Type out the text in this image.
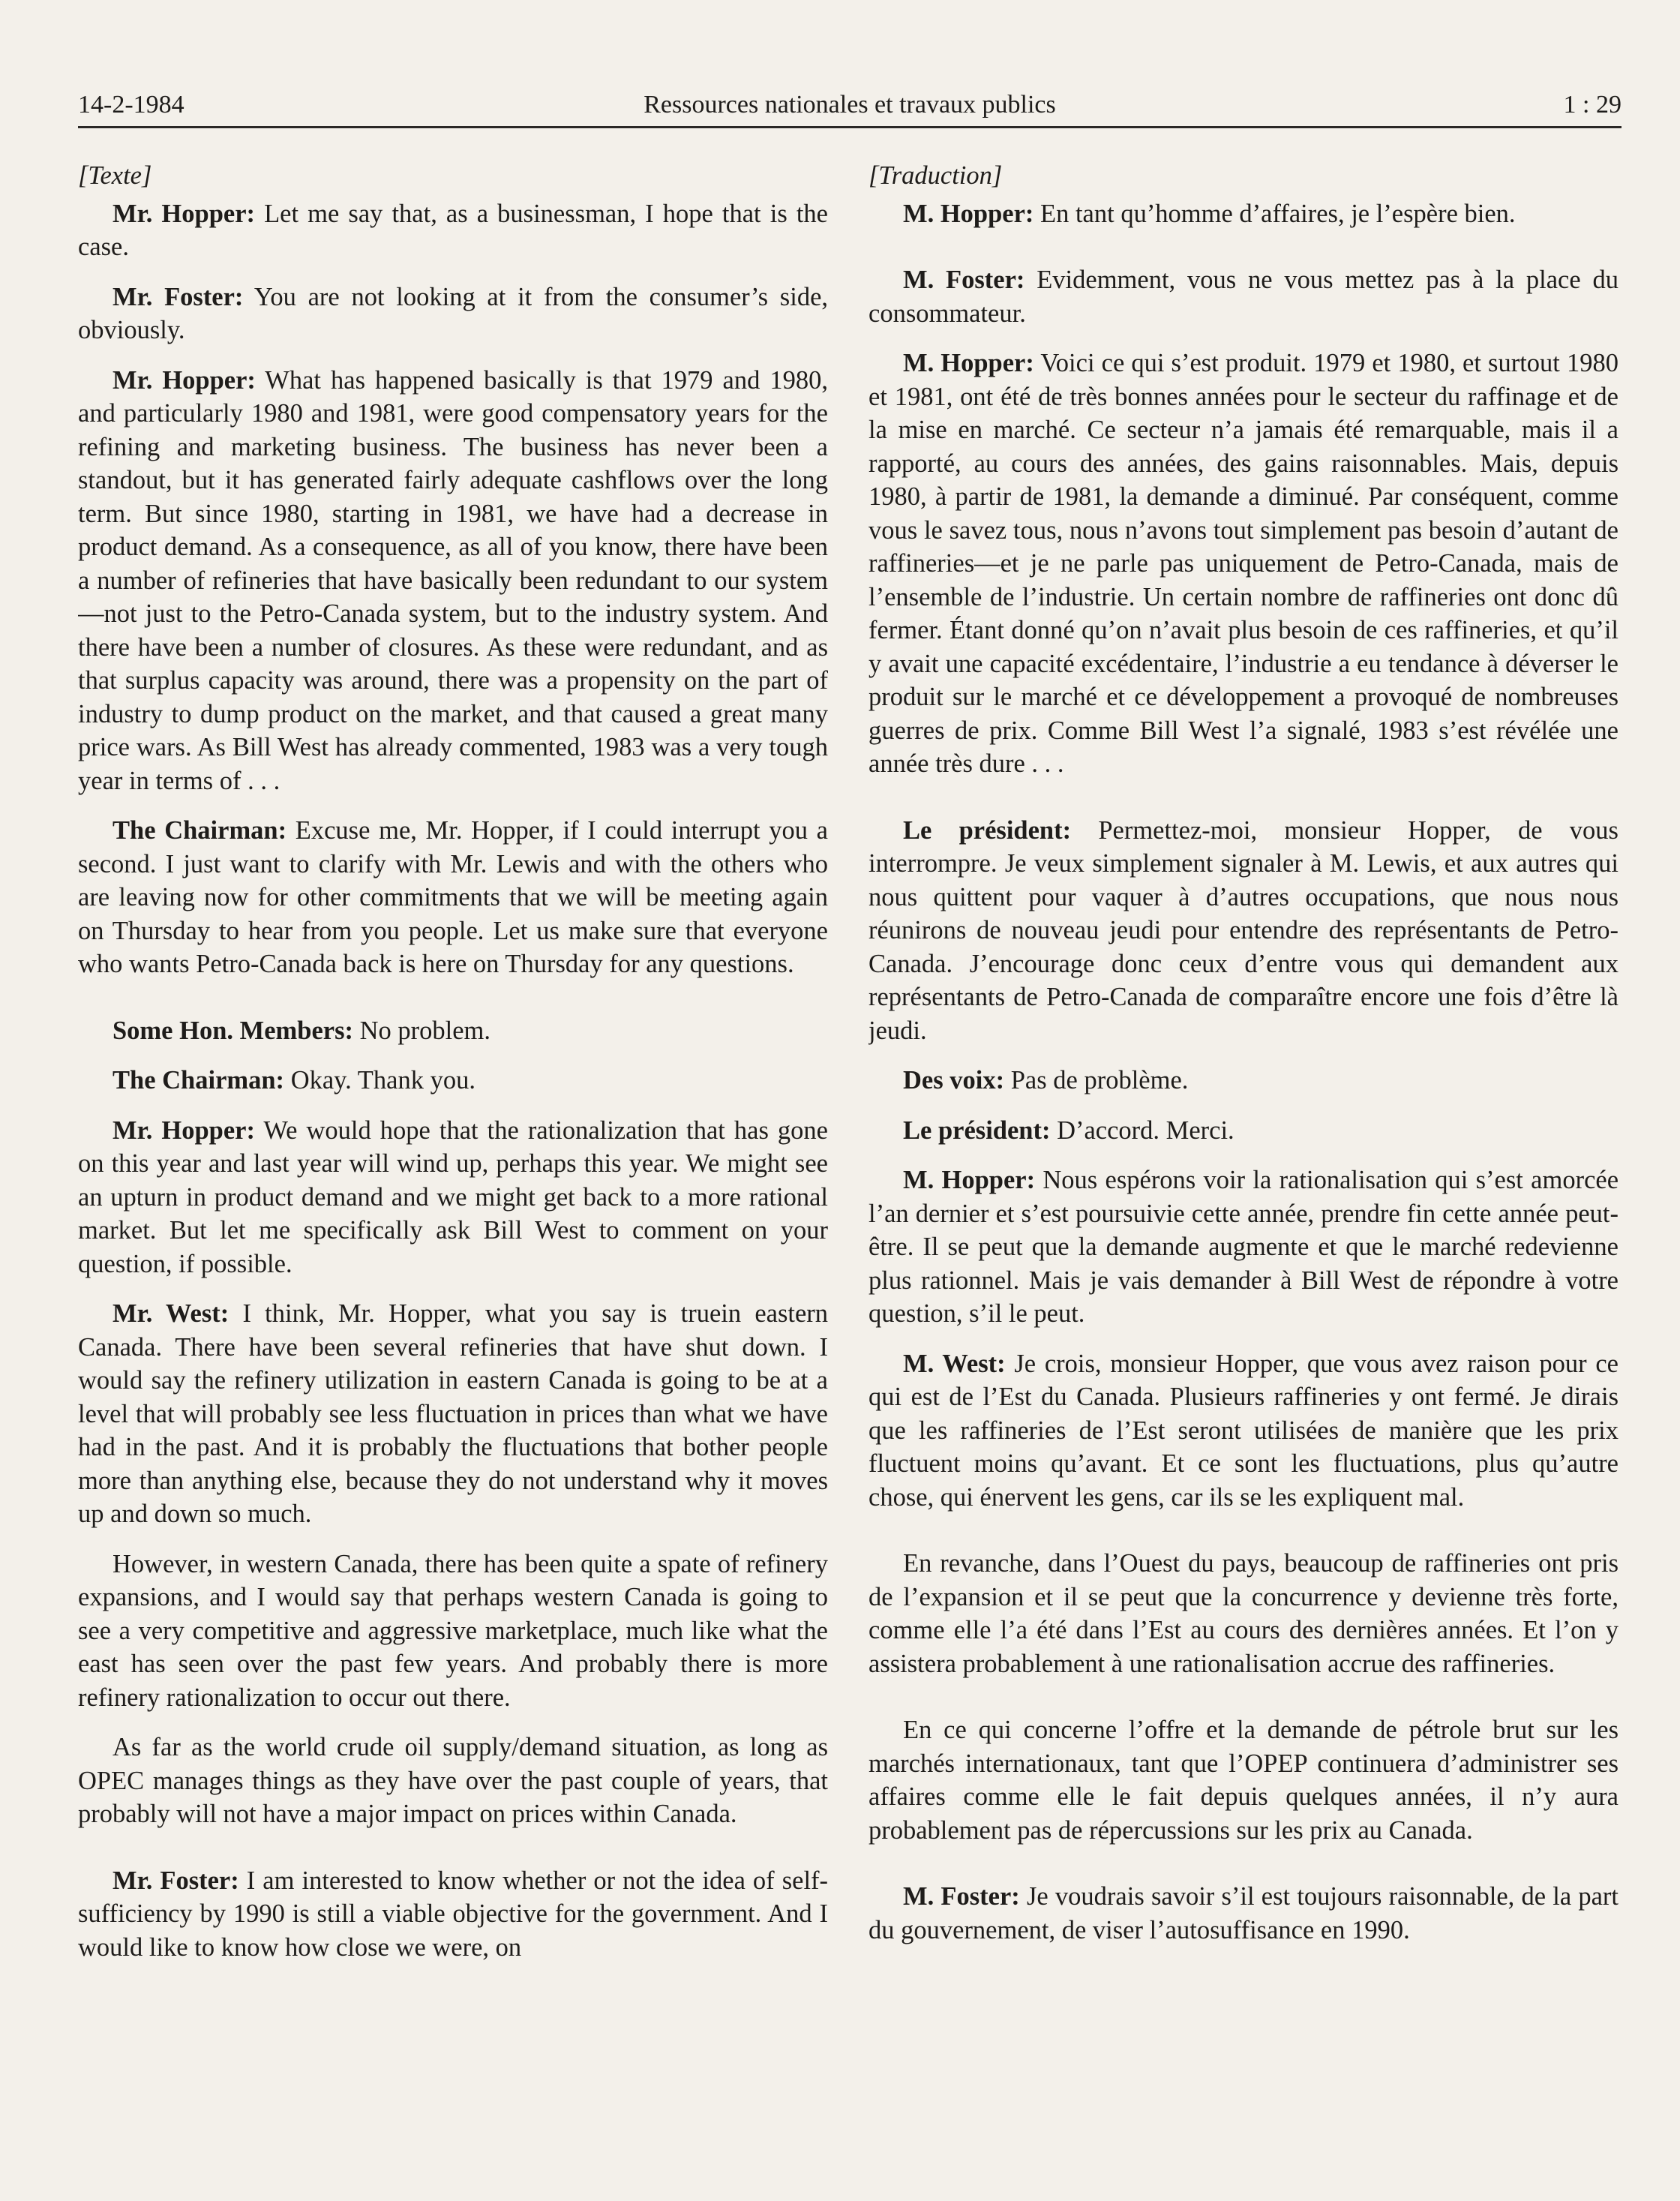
14-2-1984	Ressources nationales et travaux publics	1 : 29

[Texte]

Mr. Hopper: Let me say that, as a businessman, I hope that is the case.

Mr. Foster: You are not looking at it from the consumer’s side, obviously.

Mr. Hopper: What has happened basically is that 1979 and 1980, and particularly 1980 and 1981, were good compensatory years for the refining and marketing business. The business has never been a standout, but it has generated fairly adequate cashflows over the long term. But since 1980, starting in 1981, we have had a decrease in product demand. As a consequence, as all of you know, there have been a number of refineries that have basically been redundant to our system—not just to the Petro-Canada system, but to the industry system. And there have been a number of closures. As these were redundant, and as that surplus capacity was around, there was a propensity on the part of industry to dump product on the market, and that caused a great many price wars. As Bill West has already commented, 1983 was a very tough year in terms of . . .

The Chairman: Excuse me, Mr. Hopper, if I could interrupt you a second. I just want to clarify with Mr. Lewis and with the others who are leaving now for other commitments that we will be meeting again on Thursday to hear from you people. Let us make sure that everyone who wants Petro-Canada back is here on Thursday for any questions.

Some Hon. Members: No problem.

The Chairman: Okay. Thank you.

Mr. Hopper: We would hope that the rationalization that has gone on this year and last year will wind up, perhaps this year. We might see an upturn in product demand and we might get back to a more rational market. But let me specifically ask Bill West to comment on your question, if possible.

Mr. West: I think, Mr. Hopper, what you say is truein eastern Canada. There have been several refineries that have shut down. I would say the refinery utilization in eastern Canada is going to be at a level that will probably see less fluctuation in prices than what we have had in the past. And it is probably the fluctuations that bother people more than anything else, because they do not understand why it moves up and down so much.

However, in western Canada, there has been quite a spate of refinery expansions, and I would say that perhaps western Canada is going to see a very competitive and aggressive marketplace, much like what the east has seen over the past few years. And probably there is more refinery rationalization to occur out there.

As far as the world crude oil supply/demand situation, as long as OPEC manages things as they have over the past couple of years, that probably will not have a major impact on prices within Canada.

Mr. Foster: I am interested to know whether or not the idea of self-sufficiency by 1990 is still a viable objective for the government. And I would like to know how close we were, on

[Traduction]

M. Hopper: En tant qu’homme d’affaires, je l’espère bien.

M. Foster: Evidemment, vous ne vous mettez pas à la place du consommateur.

M. Hopper: Voici ce qui s’est produit. 1979 et 1980, et surtout 1980 et 1981, ont été de très bonnes années pour le secteur du raffinage et de la mise en marché. Ce secteur n’a jamais été remarquable, mais il a rapporté, au cours des années, des gains raisonnables. Mais, depuis 1980, à partir de 1981, la demande a diminué. Par conséquent, comme vous le savez tous, nous n’avons tout simplement pas besoin d’autant de raffineries—et je ne parle pas uniquement de Petro-Canada, mais de l’ensemble de l’industrie. Un certain nombre de raffineries ont donc dû fermer. Étant donné qu’on n’avait plus besoin de ces raffineries, et qu’il y avait une capacité excédentaire, l’industrie a eu tendance à déverser le produit sur le marché et ce développement a provoqué de nombreuses guerres de prix. Comme Bill West l’a signalé, 1983 s’est révélée une année très dure . . .

Le président: Permettez-moi, monsieur Hopper, de vous interrompre. Je veux simplement signaler à M. Lewis, et aux autres qui nous quittent pour vaquer à d’autres occupations, que nous nous réunirons de nouveau jeudi pour entendre des représentants de Petro-Canada. J’encourage donc ceux d’entre vous qui demandent aux représentants de Petro-Canada de comparaître encore une fois d’être là jeudi.

Des voix: Pas de problème.

Le président: D’accord. Merci.

M. Hopper: Nous espérons voir la rationalisation qui s’est amorcée l’an dernier et s’est poursuivie cette année, prendre fin cette année peut-être. Il se peut que la demande augmente et que le marché redevienne plus rationnel. Mais je vais demander à Bill West de répondre à votre question, s’il le peut.

M. West: Je crois, monsieur Hopper, que vous avez raison pour ce qui est de l’Est du Canada. Plusieurs raffineries y ont fermé. Je dirais que les raffineries de l’Est seront utilisées de manière que les prix fluctuent moins qu’avant. Et ce sont les fluctuations, plus qu’autre chose, qui énervent les gens, car ils se les expliquent mal.

En revanche, dans l’Ouest du pays, beaucoup de raffineries ont pris de l’expansion et il se peut que la concurrence y devienne très forte, comme elle l’a été dans l’Est au cours des dernières années. Et l’on y assistera probablement à une rationalisation accrue des raffineries.

En ce qui concerne l’offre et la demande de pétrole brut sur les marchés internationaux, tant que l’OPEP continuera d’administrer ses affaires comme elle le fait depuis quelques années, il n’y aura probablement pas de répercussions sur les prix au Canada.

M. Foster: Je voudrais savoir s’il est toujours raisonnable, de la part du gouvernement, de viser l’autosuffisance en 1990.
